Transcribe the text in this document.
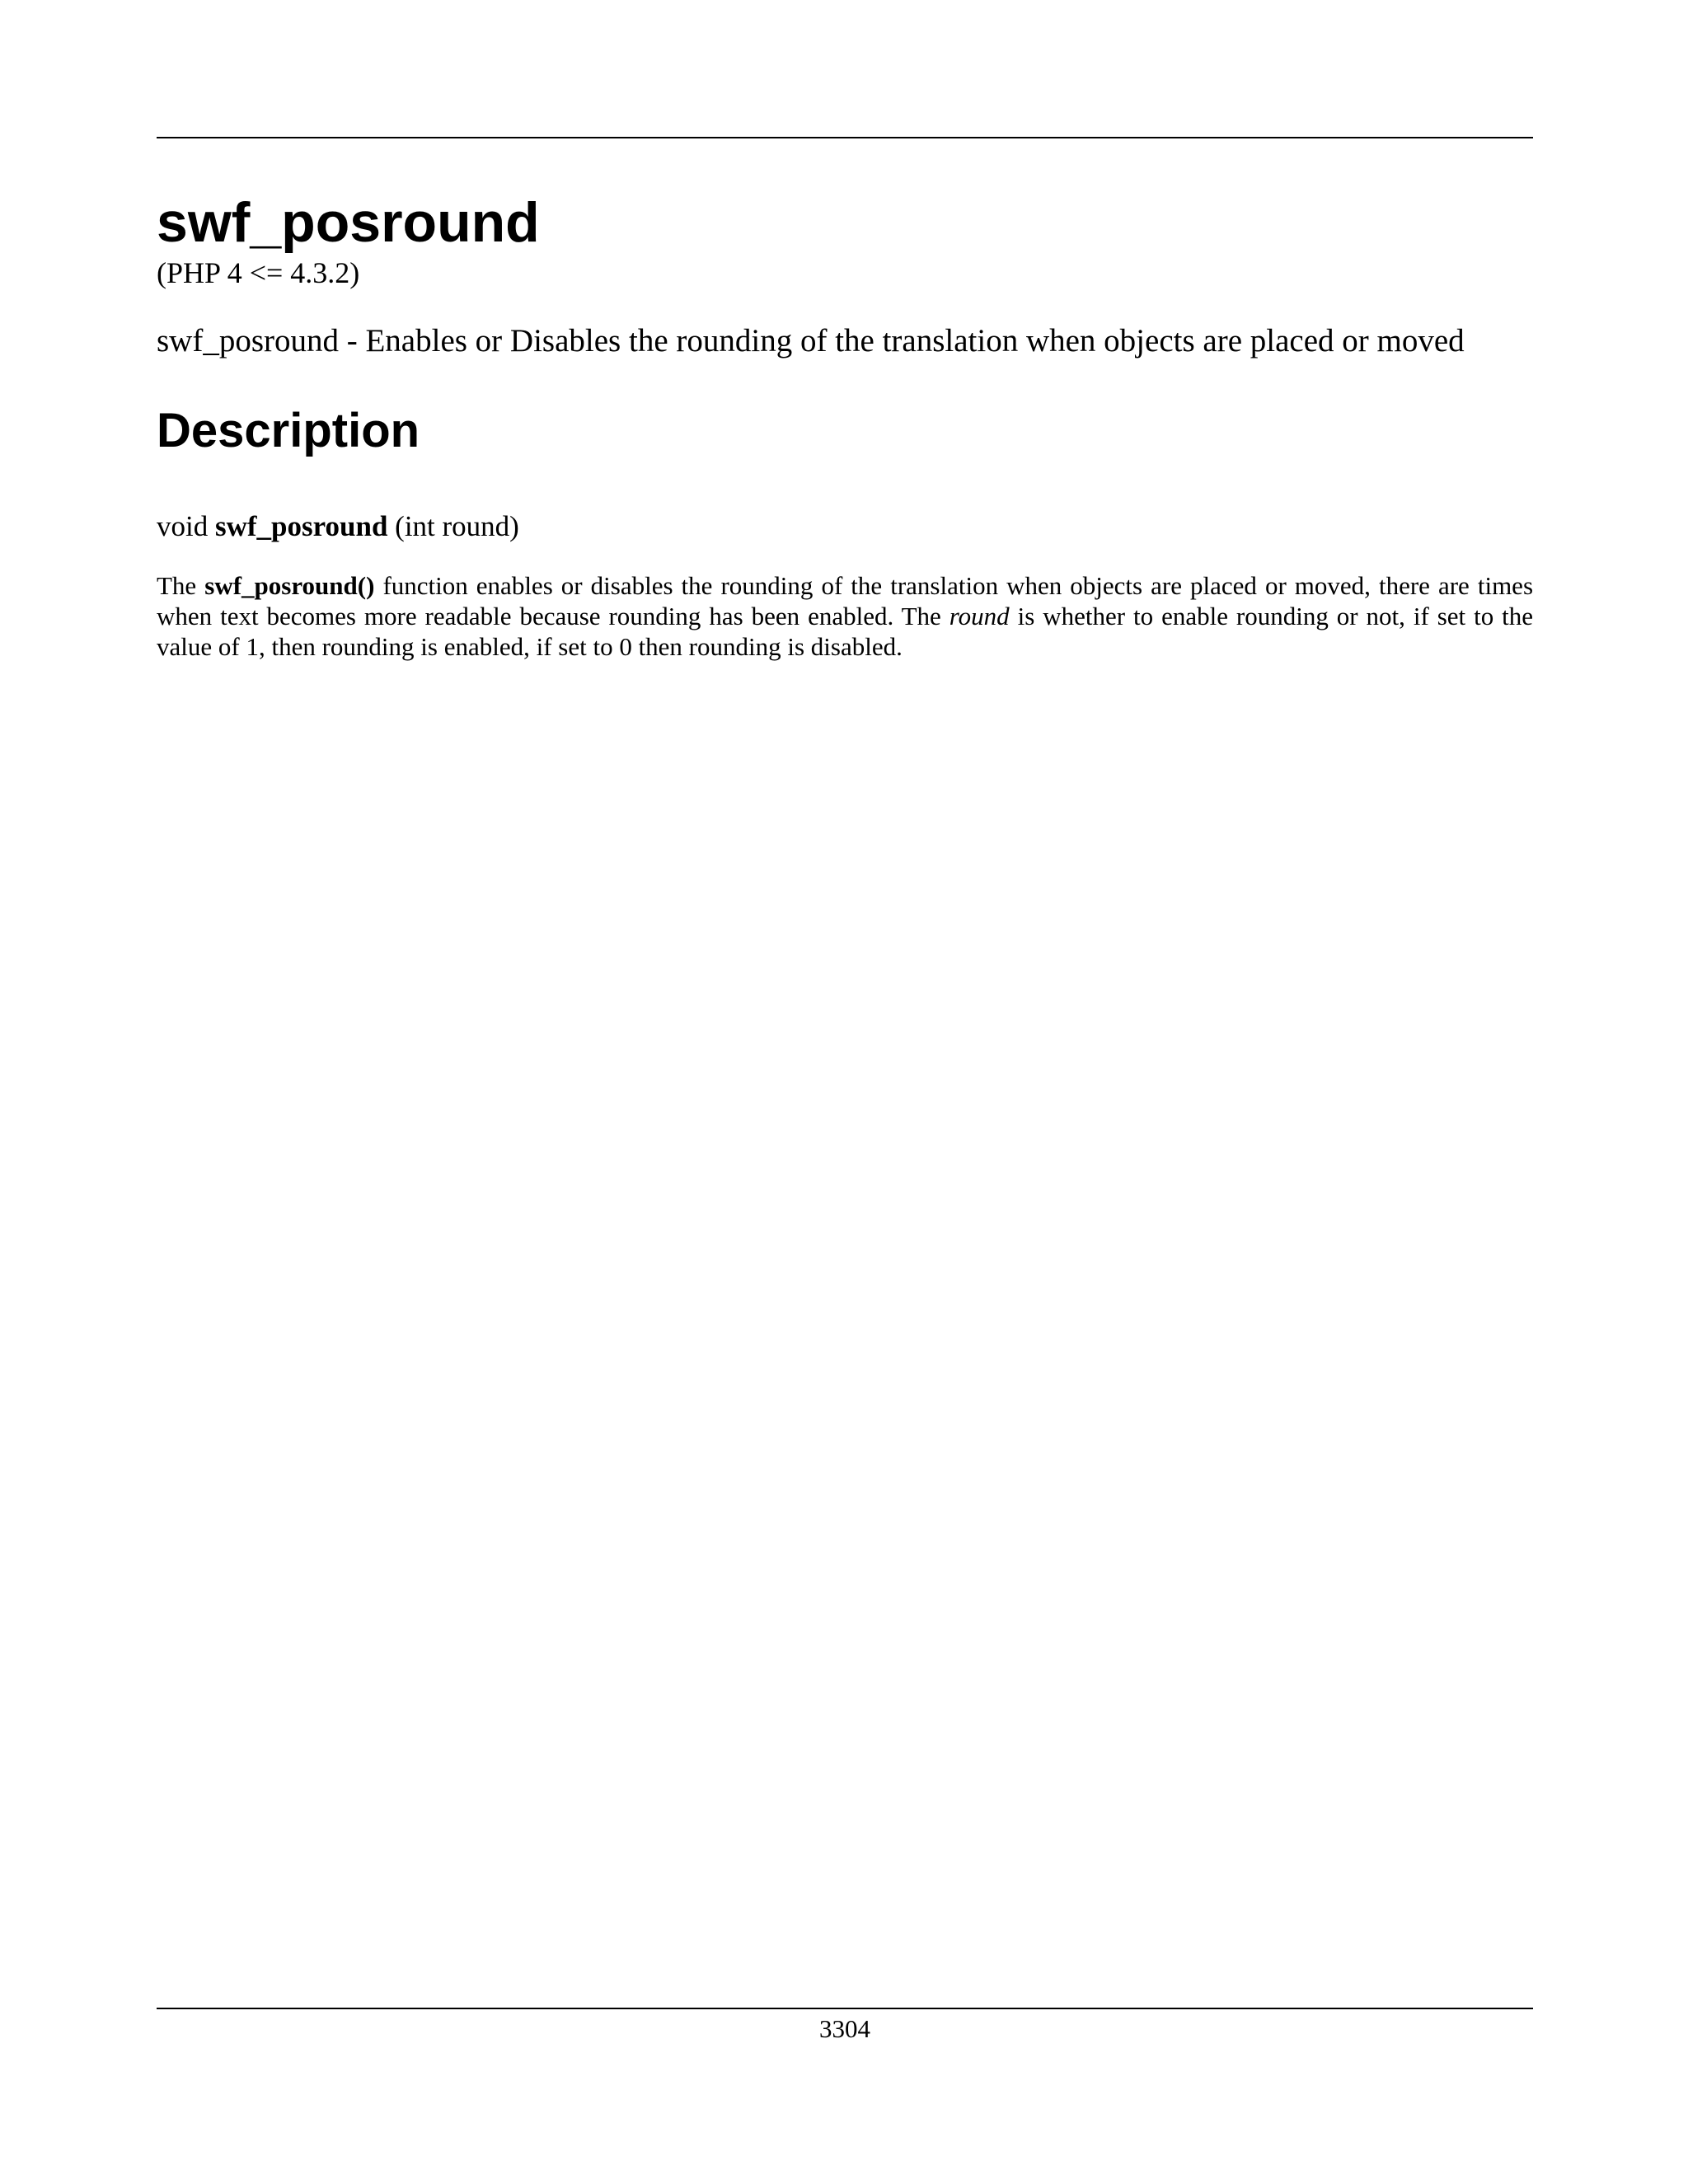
swf_posround
(PHP 4 <= 4.3.2)
swf_posround - Enables or Disables the rounding of the translation when objects are placed or moved
Description
void swf_posround (int round)

The swf_posround() function enables or disables the rounding of the translation when objects are placed or moved, there are times when text becomes more readable because rounding has been enabled. The round is whether to enable rounding or not, if set to the value of 1, then rounding is enabled, if set to 0 then rounding is disabled.

3304
